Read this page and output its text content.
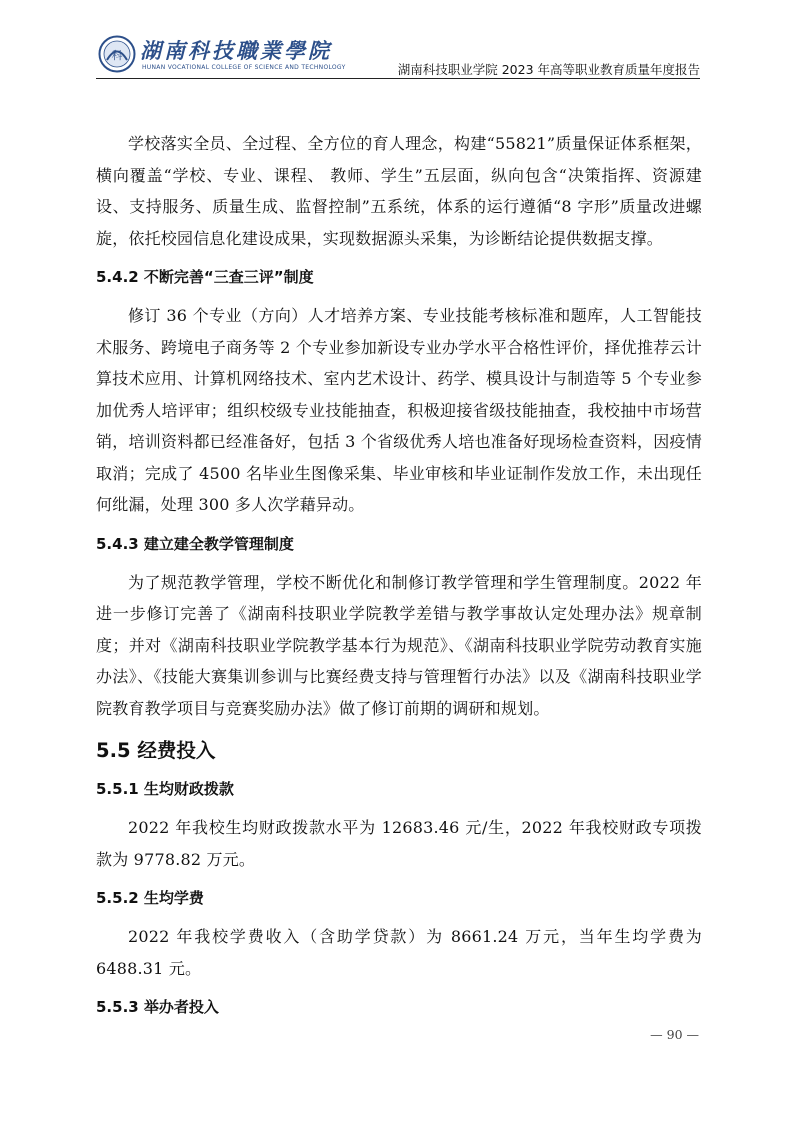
科 湖南科技職業學院
HUNAN VOCATIONAL COLLEGE OF SCIENCE AND TECHNOLOGY	湖南科技职业学院 2023 年高等职业教育质量年度报告

学校落实全员、全过程、全方位的育人理念，构建“55821”质量保证体系框架，横向覆盖“学校、专业、课程、 教师、学生”五层面，纵向包含“决策指挥、资源建设、支持服务、质量生成、监督控制”五系统，体系的运行遵循“8 字形”质量改进螺旋，依托校园信息化建设成果，实现数据源头采集，为诊断结论提供数据支撑。

5.4.2 不断完善“三查三评”制度

修订 36 个专业（方向）人才培养方案、专业技能考核标准和题库，人工智能技术服务、跨境电子商务等 2 个专业参加新设专业办学水平合格性评价，择优推荐云计算技术应用、计算机网络技术、室内艺术设计、药学、模具设计与制造等 5 个专业参加优秀人培评审；组织校级专业技能抽查，积极迎接省级技能抽查，我校抽中市场营销，培训资料都已经准备好，包括 3 个省级优秀人培也准备好现场检查资料，因疫情取消；完成了 4500 名毕业生图像采集、毕业审核和毕业证制作发放工作，未出现任何纰漏，处理 300 多人次学藉异动。

5.4.3 建立建全教学管理制度

为了规范教学管理，学校不断优化和制修订教学管理和学生管理制度。2022 年进一步修订完善了《湖南科技职业学院教学差错与教学事故认定处理办法》规章制度；并对《湖南科技职业学院教学基本行为规范》、《湖南科技职业学院劳动教育实施办法》、《技能大赛集训参训与比赛经费支持与管理暂行办法》以及《湖南科技职业学院教育教学项目与竞赛奖励办法》做了修订前期的调研和规划。

5.5 经费投入
5.5.1 生均财政拨款

2022 年我校生均财政拨款水平为 12683.46 元/生，2022 年我校财政专项拨款为 9778.82 万元。

5.5.2 生均学费

2022 年我校学费收入（含助学贷款）为 8661.24 万元，当年生均学费为 6488.31 元。

5.5.3 举办者投入
— 90 —
